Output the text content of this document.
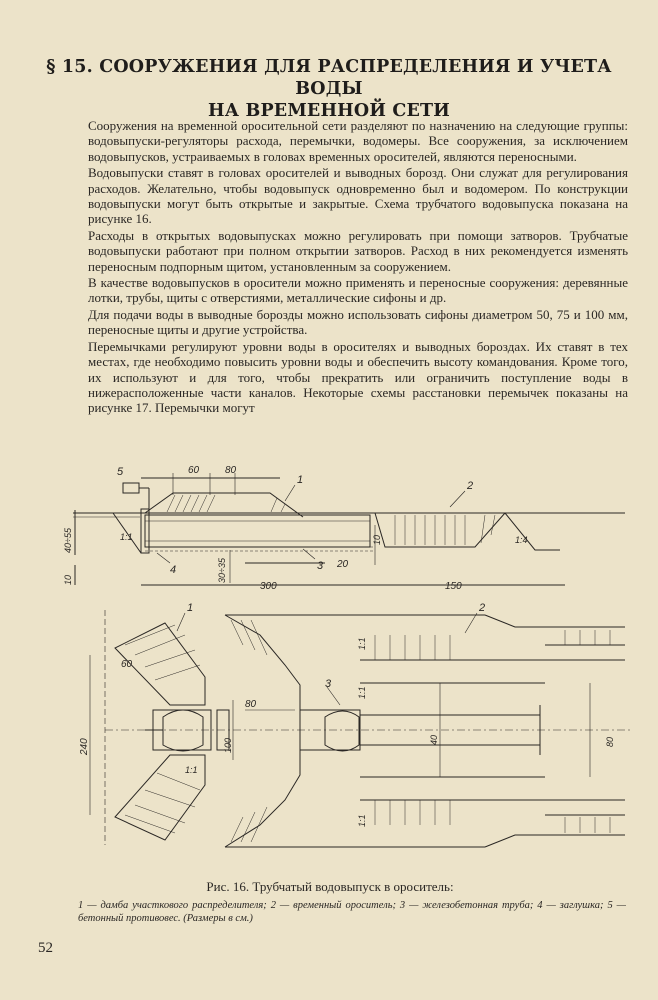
§ 15. СООРУЖЕНИЯ ДЛЯ РАСПРЕДЕЛЕНИЯ И УЧЕТА ВОДЫ
НА ВРЕМЕННОЙ СЕТИ

Сооружения на временной оросительной сети разделяют по назначению на следующие группы: водовыпуски-регуляторы расхода, перемычки, водомеры. Все сооружения, за исключением водовыпусков, устраиваемых в головах временных оросителей, являются переносными.

Водовыпуски ставят в головах оросителей и выводных борозд. Они служат для регулирования расходов. Желательно, чтобы водовыпуск одновременно был и водомером. По конструкции водовыпуски могут быть открытые и закрытые. Схема трубчатого водовыпуска показана на рисунке 16.

Расходы в открытых водовыпусках можно регулировать при помощи затворов. Трубчатые водовыпуски работают при полном открытии затворов. Расход в них рекомендуется изменять переносным подпорным щитом, установленным за сооружением.

В качестве водовыпусков в оросители можно применять и переносные сооружения: деревянные лотки, трубы, щиты с отверстиями, металлические сифоны и др.

Для подачи воды в выводные борозды можно использовать сифоны диаметром 50, 75 и 100 мм, переносные щиты и другие устройства.

Перемычками регулируют уровни воды в оросителях и выводных бороздах. Их ставят в тех местах, где необходимо повысить уровни воды и обеспечить высоту командования. Кроме того, их используют и для того, чтобы прекратить или ограничить поступление воды в нижерасположенные части каналов. Некоторые схемы расстановки перемычек показаны на рисунке 17. Перемычки могут

5	60	80
1	2
40÷55
10
10
1:1	1:4
4	30÷35	3 20
300	150
1	2
3
60
80
100
240	40	80
1:1
1:1
1:1
1:1
Рис. 16. Трубчатый водовыпуск в ороситель:
1 — дамба участкового распределителя; 2 — временный ороситель; 3 — железобетонная труба; 4 — заглушка; 5 — бетонный противовес. (Размеры в см.)
52
